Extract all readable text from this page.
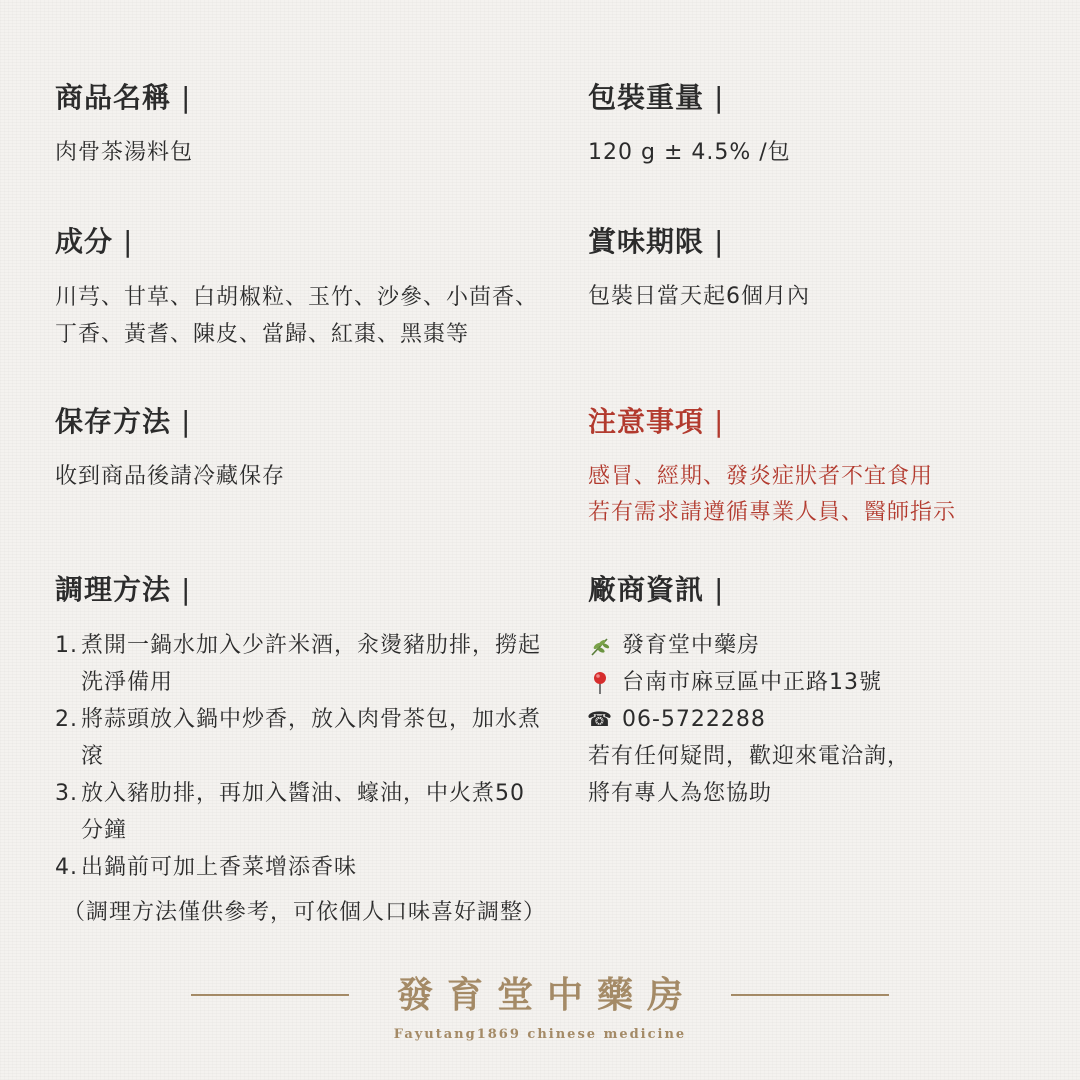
商品名稱 |

肉骨茶湯料包

包裝重量 |

120 g ± 4.5% /包

成分 |

川芎、甘草、白胡椒粒、玉竹、沙參、小茴香、丁香、黃耆、陳皮、當歸、紅棗、黑棗等

賞味期限 |

包裝日當天起6個月內

保存方法 |

收到商品後請冷藏保存

注意事項 |

感冒、經期、發炎症狀者不宜食用

若有需求請遵循專業人員、醫師指示

調理方法 |
1. 煮開一鍋水加入少許米酒，汆燙豬肋排，撈起洗淨備用
2. 將蒜頭放入鍋中炒香，放入肉骨茶包，加水煮滾
3. 放入豬肋排，再加入醬油、蠔油，中火煮50分鐘
4. 出鍋前可加上香菜增添香味

（調理方法僅供參考，可依個人口味喜好調整）

廠商資訊 |
發育堂中藥房
台南市麻豆區中正路13號
☎ 06-5722288

若有任何疑問，歡迎來電洽詢，

將有專人為您協助

發育堂中藥房
Fayutang1869 chinese medicine
